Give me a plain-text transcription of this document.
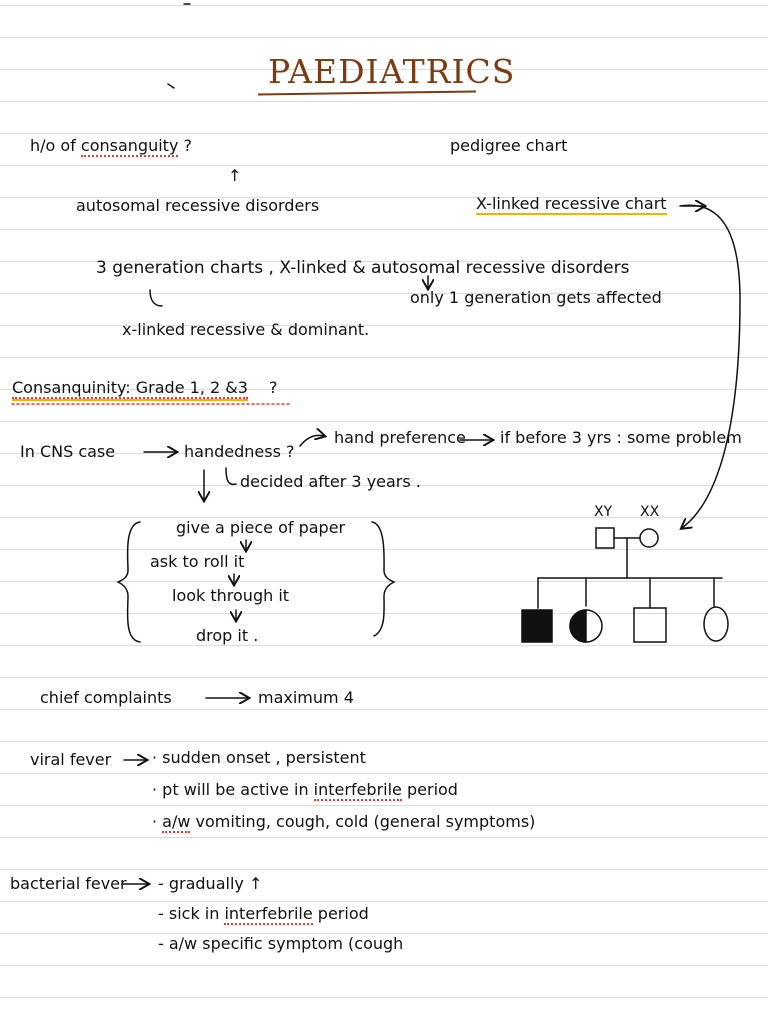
PAEDIATRICS
h/o of consanguity ?	pedigree chart
↑
autosomal recessive disorders	X-linked recessive chart
3 generation charts , X-linked & autosomal recessive disorders
only 1 generation gets affected
x-linked recessive & dominant.
Consanquinity: Grade 1, 2 &3 ?
In CNS case	handedness ?
hand preference if before 3 yrs : some problem
decided after 3 years .
give a piece of paper
ask to roll it
look through it
drop it .
XY XX
chief complaints	maximum 4
viral fever	· sudden onset , persistent
· pt will be active in interfebrile period
· a/w vomiting, cough, cold (general symptoms)
bacterial fever - gradually ↑
- sick in interfebrile period
- a/w specific symptom (cough
